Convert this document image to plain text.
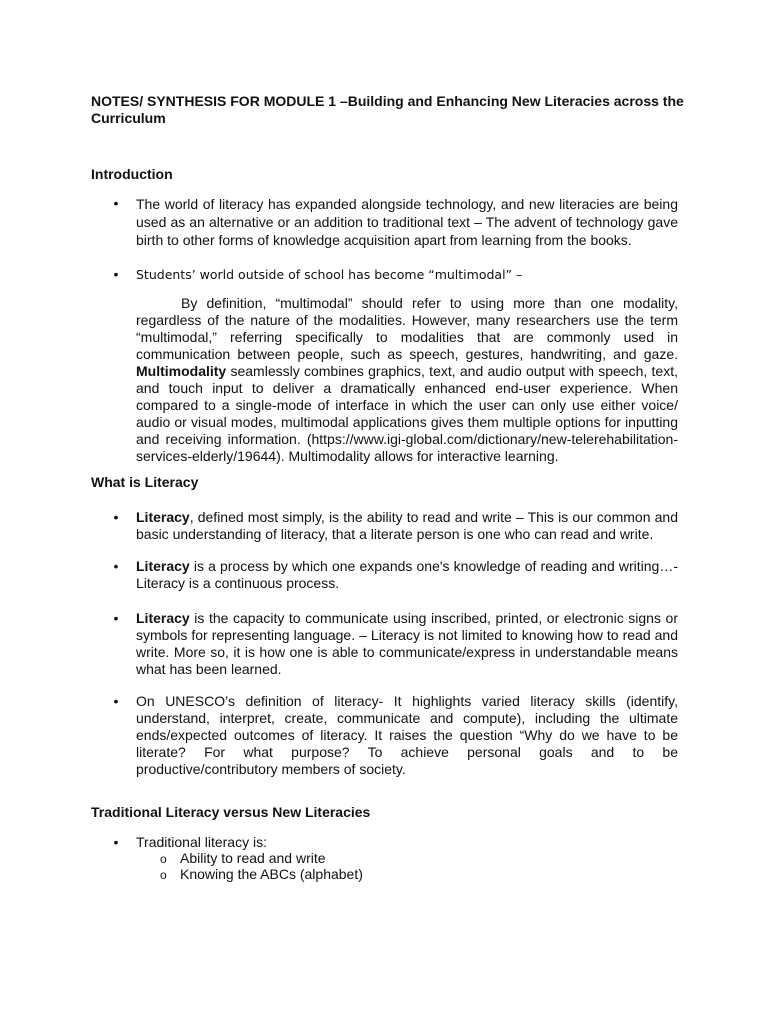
NOTES/ SYNTHESIS FOR MODULE 1 –Building and Enhancing New Literacies across the Curriculum
Introduction
• The world of literacy has expanded alongside technology, and new literacies are being used as an alternative or an addition to traditional text – The advent of technology gave birth to other forms of knowledge acquisition apart from learning from the books.
• Students’ world outside of school has become “multimodal” –
By definition, “multimodal” should refer to using more than one modality, regardless of the nature of the modalities. However, many researchers use the term “multimodal,” referring specifically to modalities that are commonly used in communication between people, such as speech, gestures, handwriting, and gaze. Multimodality seamlessly combines graphics, text, and audio output with speech, text, and touch input to deliver a dramatically enhanced end-user experience. When compared to a single-mode of interface in which the user can only use either voice/ audio or visual modes, multimodal applications gives them multiple options for inputting and receiving information. (https://www.igi-global.com/dictionary/new-telerehabilitation-services-elderly/19644). Multimodality allows for interactive learning.
What is Literacy
• Literacy, defined most simply, is the ability to read and write – This is our common and basic understanding of literacy, that a literate person is one who can read and write.
• Literacy is a process by which one expands one's knowledge of reading and writing…- Literacy is a continuous process.
• Literacy is the capacity to communicate using inscribed, printed, or electronic signs or symbols for representing language. – Literacy is not limited to knowing how to read and write. More so, it is how one is able to communicate/express in understandable means what has been learned.
• On UNESCO’s definition of literacy- It highlights varied literacy skills (identify, understand, interpret, create, communicate and compute), including the ultimate ends/expected outcomes of literacy. It raises the question “Why do we have to be literate? For what purpose? To achieve personal goals and to be productive/contributory members of society.
Traditional Literacy versus New Literacies
• Traditional literacy is:
o Ability to read and write
o Knowing the ABCs (alphabet)
